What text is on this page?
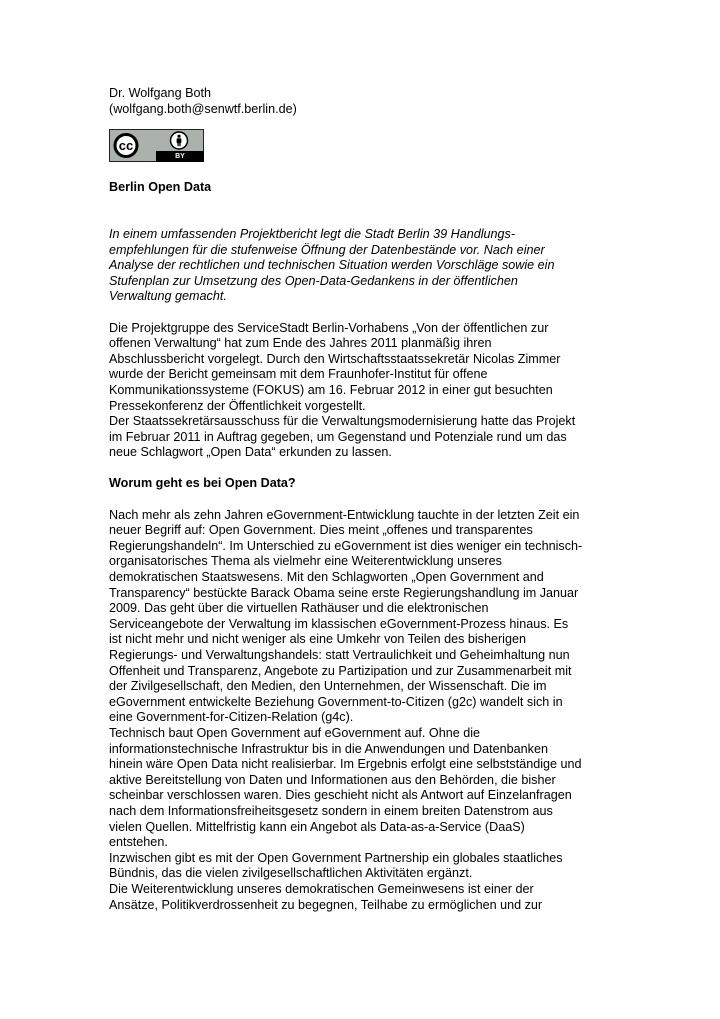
Dr. Wolfgang Both
(wolfgang.both@senwtf.berlin.de)
cc
BY
Berlin Open Data
In einem umfassenden Projektbericht legt die Stadt Berlin 39 Handlungs-
empfehlungen für die stufenweise Öffnung der Datenbestände vor. Nach einer
Analyse der rechtlichen und technischen Situation werden Vorschläge sowie ein
Stufenplan zur Umsetzung des Open-Data-Gedankens in der öffentlichen
Verwaltung gemacht.
Die Projektgruppe des ServiceStadt Berlin-Vorhabens „Von der öffentlichen zur
offenen Verwaltung“ hat zum Ende des Jahres 2011 planmäßig ihren
Abschlussbericht vorgelegt. Durch den Wirtschaftsstaatssekretär Nicolas Zimmer
wurde der Bericht gemeinsam mit dem Fraunhofer-Institut für offene
Kommunikationssysteme (FOKUS) am 16. Februar 2012 in einer gut besuchten
Pressekonferenz der Öffentlichkeit vorgestellt.
Der Staatssekretärsausschuss für die Verwaltungsmodernisierung hatte das Projekt
im Februar 2011 in Auftrag gegeben, um Gegenstand und Potenziale rund um das
neue Schlagwort „Open Data“ erkunden zu lassen.
Worum geht es bei Open Data?
Nach mehr als zehn Jahren eGovernment-Entwicklung tauchte in der letzten Zeit ein
neuer Begriff auf: Open Government. Dies meint „offenes und transparentes
Regierungshandeln“. Im Unterschied zu eGovernment ist dies weniger ein technisch-
organisatorisches Thema als vielmehr eine Weiterentwicklung unseres
demokratischen Staatswesens. Mit den Schlagworten „Open Government and
Transparency“ bestückte Barack Obama seine erste Regierungshandlung im Januar
2009. Das geht über die virtuellen Rathäuser und die elektronischen
Serviceangebote der Verwaltung im klassischen eGovernment-Prozess hinaus. Es
ist nicht mehr und nicht weniger als eine Umkehr von Teilen des bisherigen
Regierungs- und Verwaltungshandels: statt Vertraulichkeit und Geheimhaltung nun
Offenheit und Transparenz, Angebote zu Partizipation und zur Zusammenarbeit mit
der Zivilgesellschaft, den Medien, den Unternehmen, der Wissenschaft. Die im
eGovernment entwickelte Beziehung Government-to-Citizen (g2c) wandelt sich in
eine Government-for-Citizen-Relation (g4c).
Technisch baut Open Government auf eGovernment auf. Ohne die
informationstechnische Infrastruktur bis in die Anwendungen und Datenbanken
hinein wäre Open Data nicht realisierbar. Im Ergebnis erfolgt eine selbstständige und
aktive Bereitstellung von Daten und Informationen aus den Behörden, die bisher
scheinbar verschlossen waren. Dies geschieht nicht als Antwort auf Einzelanfragen
nach dem Informationsfreiheitsgesetz sondern in einem breiten Datenstrom aus
vielen Quellen. Mittelfristig kann ein Angebot als Data-as-a-Service (DaaS)
entstehen.
Inzwischen gibt es mit der Open Government Partnership ein globales staatliches
Bündnis, das die vielen zivilgesellschaftlichen Aktivitäten ergänzt.
Die Weiterentwicklung unseres demokratischen Gemeinwesens ist einer der
Ansätze, Politikverdrossenheit zu begegnen, Teilhabe zu ermöglichen und zur
